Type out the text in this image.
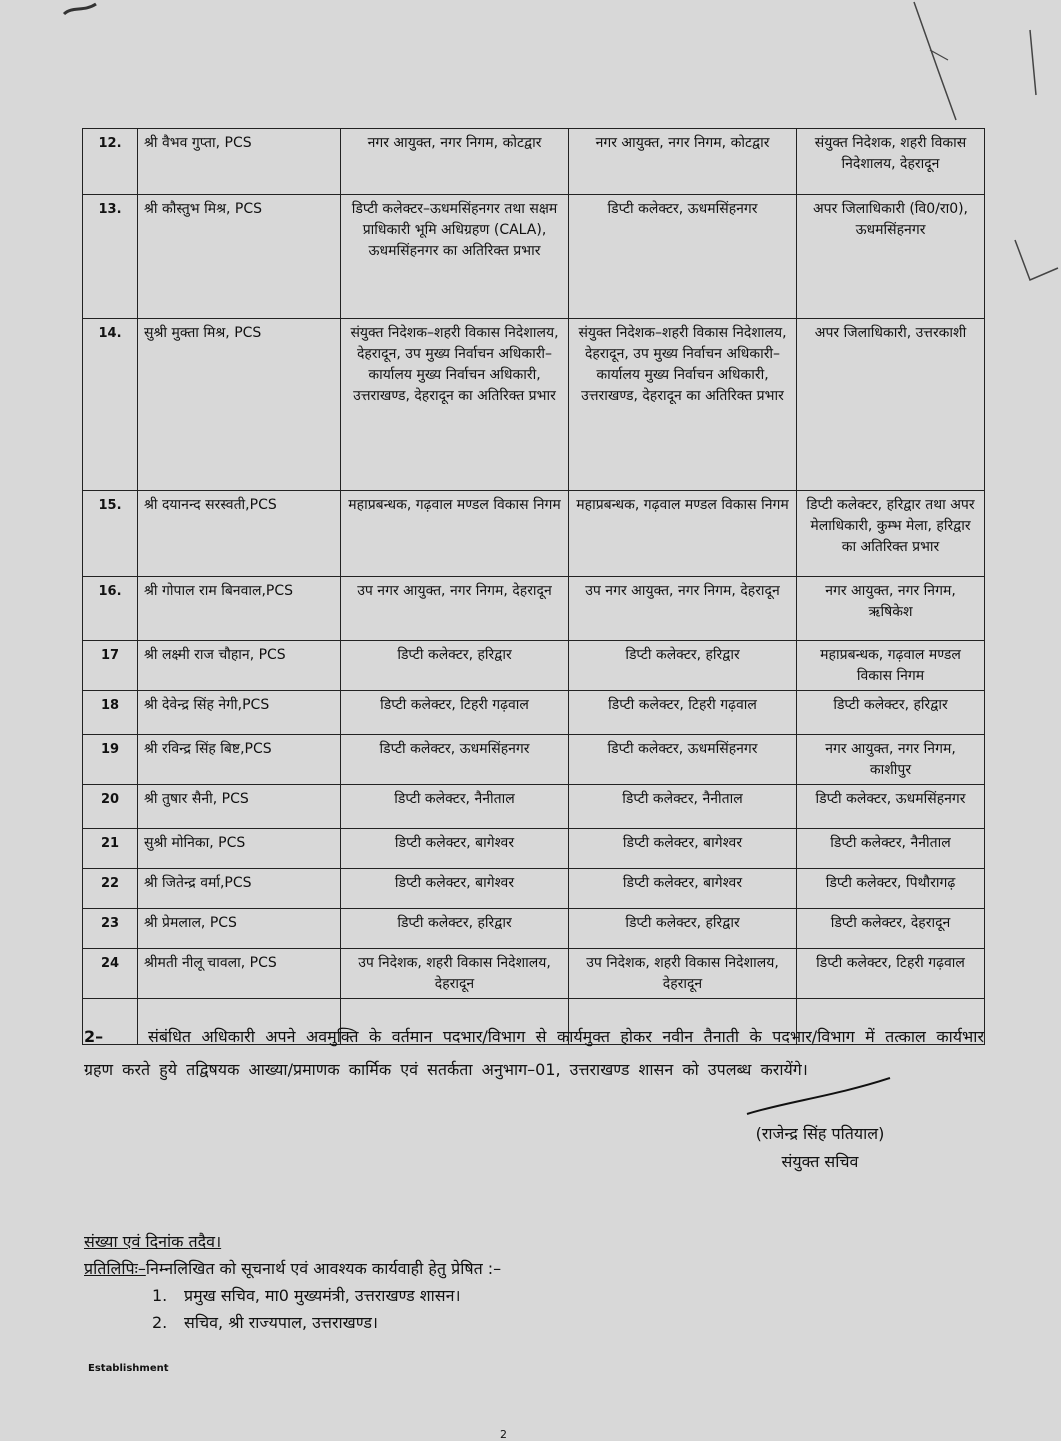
12.	श्री वैभव गुप्ता, PCS	नगर आयुक्त, नगर निगम, कोटद्वार	नगर आयुक्त, नगर निगम, कोटद्वार	संयुक्त निदेशक, शहरी विकास निदेशालय, देहरादून
13.	श्री कौस्तुभ मिश्र, PCS	डिप्टी कलेक्टर–ऊधमसिंहनगर तथा सक्षम प्राधिकारी भूमि अधिग्रहण (CALA), ऊधमसिंहनगर का अतिरिक्त प्रभार	डिप्टी कलेक्टर, ऊधमसिंहनगर	अपर जिलाधिकारी (वि0/रा0), ऊधमसिंहनगर
14.	सुश्री मुक्ता मिश्र, PCS	संयुक्त निदेशक–शहरी विकास निदेशालय, देहरादून, उप मुख्य निर्वाचन अधिकारी–कार्यालय मुख्य निर्वाचन अधिकारी, उत्तराखण्ड, देहरादून का अतिरिक्त प्रभार	संयुक्त निदेशक–शहरी विकास निदेशालय, देहरादून, उप मुख्य निर्वाचन अधिकारी–कार्यालय मुख्य निर्वाचन अधिकारी, उत्तराखण्ड, देहरादून का अतिरिक्त प्रभार	अपर जिलाधिकारी, उत्तरकाशी
15.	श्री दयानन्द सरस्वती,PCS	महाप्रबन्धक, गढ़वाल मण्डल विकास निगम	महाप्रबन्धक, गढ़वाल मण्डल विकास निगम	डिप्टी कलेक्टर, हरिद्वार तथा अपर मेलाधिकारी, कुम्भ मेला, हरिद्वार का अतिरिक्त प्रभार
16.	श्री गोपाल राम बिनवाल,PCS	उप नगर आयुक्त, नगर निगम, देहरादून	उप नगर आयुक्त, नगर निगम, देहरादून	नगर आयुक्त, नगर निगम, ऋषिकेश
17	श्री लक्ष्मी राज चौहान, PCS	डिप्टी कलेक्टर, हरिद्वार	डिप्टी कलेक्टर, हरिद्वार	महाप्रबन्धक, गढ़वाल मण्डल विकास निगम
18	श्री देवेन्द्र सिंह नेगी,PCS	डिप्टी कलेक्टर, टिहरी गढ़वाल	डिप्टी कलेक्टर, टिहरी गढ़वाल	डिप्टी कलेक्टर, हरिद्वार
19	श्री रविन्द्र सिंह बिष्ट,PCS	डिप्टी कलेक्टर, ऊधमसिंहनगर	डिप्टी कलेक्टर, ऊधमसिंहनगर	नगर आयुक्त, नगर निगम, काशीपुर
20	श्री तुषार सैनी, PCS	डिप्टी कलेक्टर, नैनीताल	डिप्टी कलेक्टर, नैनीताल	डिप्टी कलेक्टर, ऊधमसिंहनगर
21	सुश्री मोनिका, PCS	डिप्टी कलेक्टर, बागेश्वर	डिप्टी कलेक्टर, बागेश्वर	डिप्टी कलेक्टर, नैनीताल
22	श्री जितेन्द्र वर्मा,PCS	डिप्टी कलेक्टर, बागेश्वर	डिप्टी कलेक्टर, बागेश्वर	डिप्टी कलेक्टर, पिथौरागढ़
23	श्री प्रेमलाल, PCS	डिप्टी कलेक्टर, हरिद्वार	डिप्टी कलेक्टर, हरिद्वार	डिप्टी कलेक्टर, देहरादून
24	श्रीमती नीलू चावला, PCS	उप निदेशक, शहरी विकास निदेशालय, देहरादून	उप निदेशक, शहरी विकास निदेशालय, देहरादून	डिप्टी कलेक्टर, टिहरी गढ़वाल

2–	संबंधित अधिकारी अपने अवमुक्ति के वर्तमान पदभार/विभाग से कार्यमुक्त होकर नवीन तैनाती के पदभार/विभाग में तत्काल कार्यभार ग्रहण करते हुये तद्विषयक आख्या/प्रमाणक कार्मिक एवं सतर्कता अनुभाग–01, उत्तराखण्ड शासन को उपलब्ध करायेंगे।
(राजेन्द्र सिंह पतियाल)
संयुक्त सचिव
संख्या एवं दिनांक तदैव।
प्रतिलिपिः–निम्नलिखित को सूचनार्थ एवं आवश्यक कार्यवाही हेतु प्रेषित :–
1. प्रमुख सचिव, मा0 मुख्यमंत्री, उत्तराखण्ड शासन।
2. सचिव, श्री राज्यपाल, उत्तराखण्ड।
Establishment
2
